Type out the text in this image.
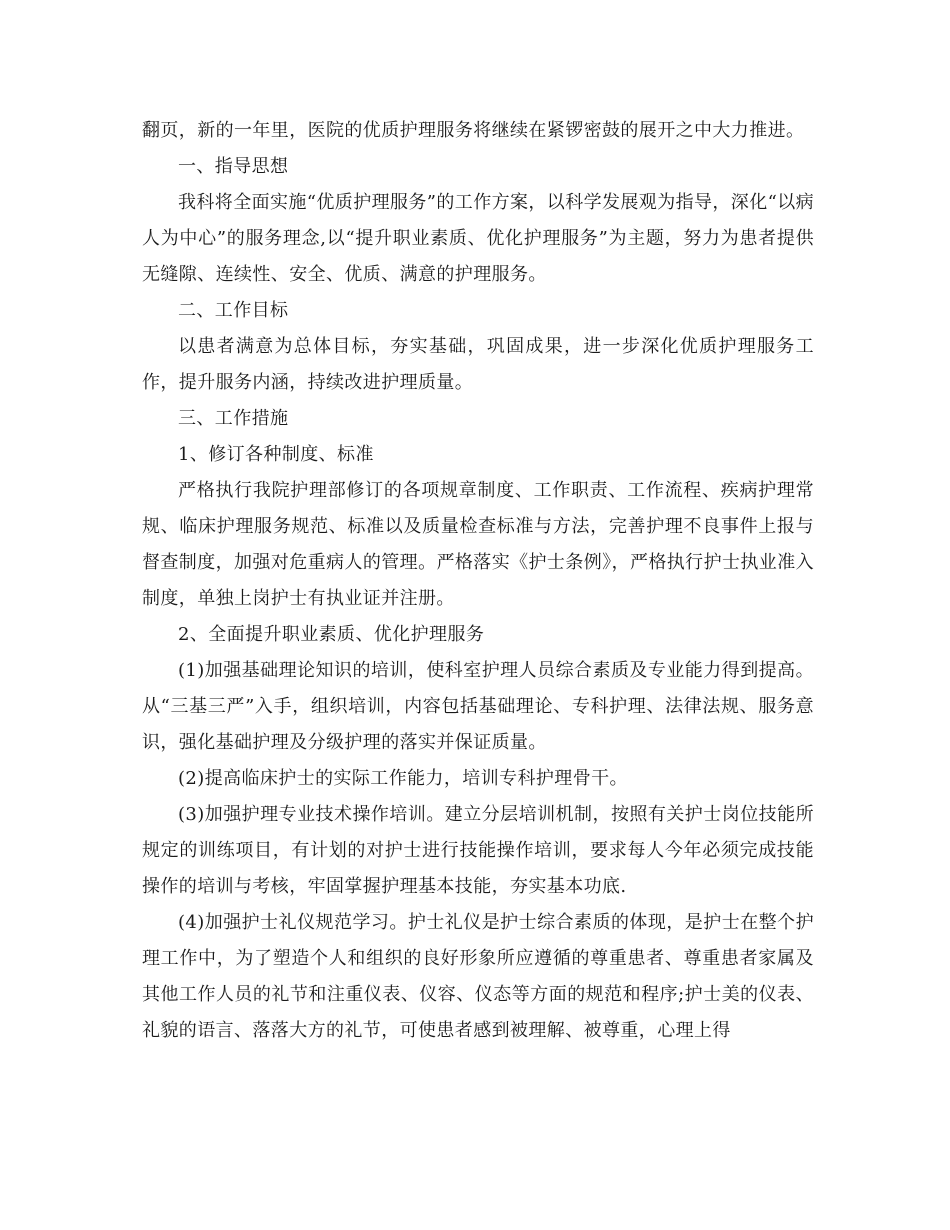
翻页，新的一年里，医院的优质护理服务将继续在紧锣密鼓的展开之中大力推进。

一、指导思想

我科将全面实施“优质护理服务”的工作方案，以科学发展观为指导，深化“以病人为中心”的服务理念,以“提升职业素质、优化护理服务”为主题，努力为患者提供无缝隙、连续性、安全、优质、满意的护理服务。

二、工作目标

以患者满意为总体目标，夯实基础，巩固成果，进一步深化优质护理服务工作，提升服务内涵，持续改进护理质量。

三、工作措施

1、修订各种制度、标准

严格执行我院护理部修订的各项规章制度、工作职责、工作流程、疾病护理常规、临床护理服务规范、标准以及质量检查标准与方法，完善护理不良事件上报与督查制度，加强对危重病人的管理。严格落实《护士条例》，严格执行护士执业准入制度，单独上岗护士有执业证并注册。

2、全面提升职业素质、优化护理服务

(1)加强基础理论知识的培训，使科室护理人员综合素质及专业能力得到提高。从“三基三严”入手，组织培训，内容包括基础理论、专科护理、法律法规、服务意识，强化基础护理及分级护理的落实并保证质量。

(2)提高临床护士的实际工作能力，培训专科护理骨干。

(3)加强护理专业技术操作培训。建立分层培训机制，按照有关护士岗位技能所规定的训练项目，有计划的对护士进行技能操作培训，要求每人今年必须完成技能操作的培训与考核，牢固掌握护理基本技能，夯实基本功底.

(4)加强护士礼仪规范学习。护士礼仪是护士综合素质的体现，是护士在整个护理工作中，为了塑造个人和组织的良好形象所应遵循的尊重患者、尊重患者家属及其他工作人员的礼节和注重仪表、仪容、仪态等方面的规范和程序;护士美的仪表、礼貌的语言、落落大方的礼节，可使患者感到被理解、被尊重，心理上得
